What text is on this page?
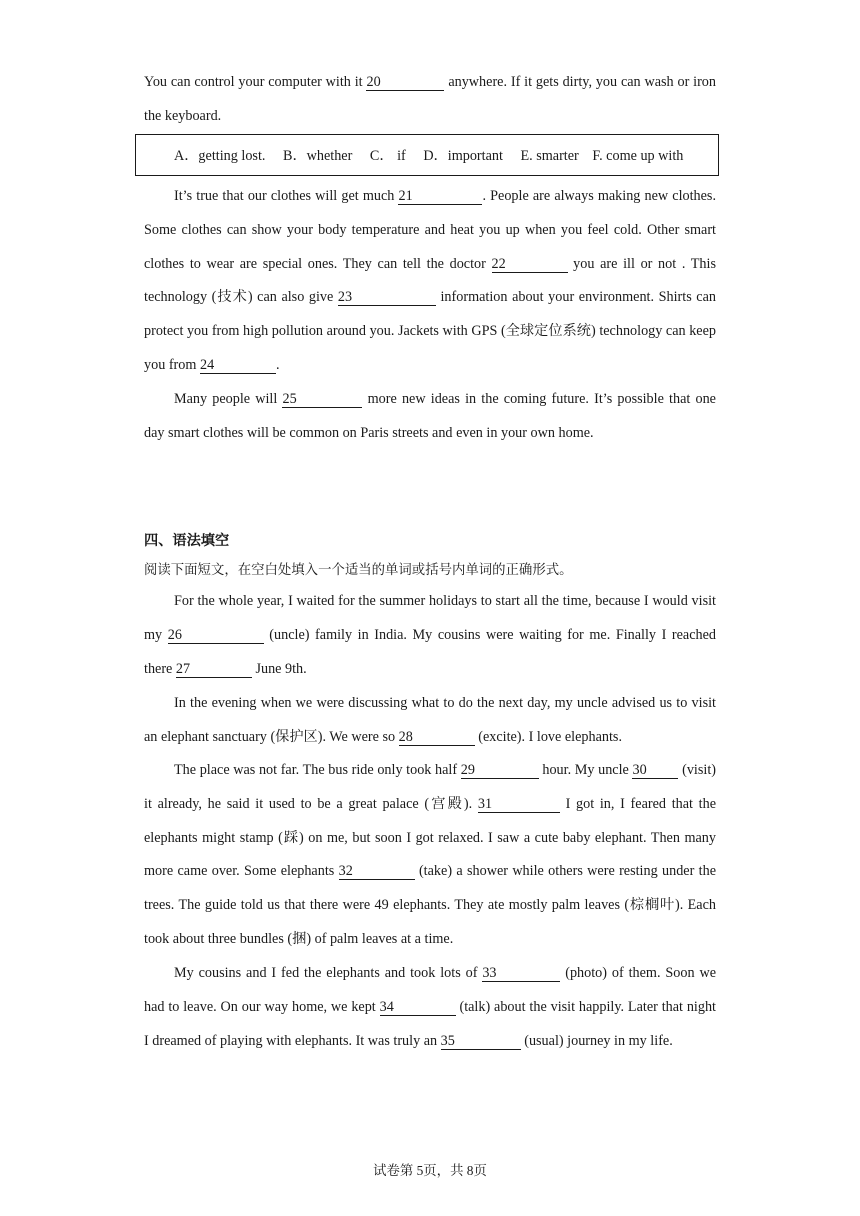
You can control your computer with it 20	anywhere. If it gets dirty, you can wash or iron the keyboard.

A．getting lost. B．whether C． if D．important E. smarter F. come up with

It’s true that our clothes will get much 21	. People are always making new clothes. Some clothes can show your body temperature and heat you up when you feel cold. Other smart clothes to wear are special ones. They can tell the doctor 22	you are ill or not . This technology (技术) can also give 23	information about your environment. Shirts can protect you from high pollution around you. Jackets with GPS (全球定位系统) technology can keep you from 24	.

Many people will 25	more new ideas in the coming future. It’s possible that one day smart clothes will be common on Paris streets and even in your own home.

四、语法填空
阅读下面短文，在空白处填入一个适当的单词或括号内单词的正确形式。

For the whole year, I waited for the summer holidays to start all the time, because I would visit my 26	(uncle) family in India. My cousins were waiting for me. Finally I reached there 27	June 9th.

In the evening when we were discussing what to do the next day, my uncle advised us to visit an elephant sanctuary (保护区). We were so 28	(excite). I love elephants.

The place was not far. The bus ride only took half 29	hour. My uncle 30 (visit) it already, he said it used to be a great palace (宫殿). 31	I got in, I feared that the elephants might stamp (踩) on me, but soon I got relaxed. I saw a cute baby elephant. Then many more came over. Some elephants 32	(take) a shower while others were resting under the trees. The guide told us that there were 49 elephants. They ate mostly palm leaves (棕榈叶). Each took about three bundles (捆) of palm leaves at a time.

My cousins and I fed the elephants and took lots of 33	(photo) of them. Soon we had to leave. On our way home, we kept 34	(talk) about the visit happily. Later that night I dreamed of playing with elephants. It was truly an 35	(usual) journey in my life.

试卷第 5页，共 8页
